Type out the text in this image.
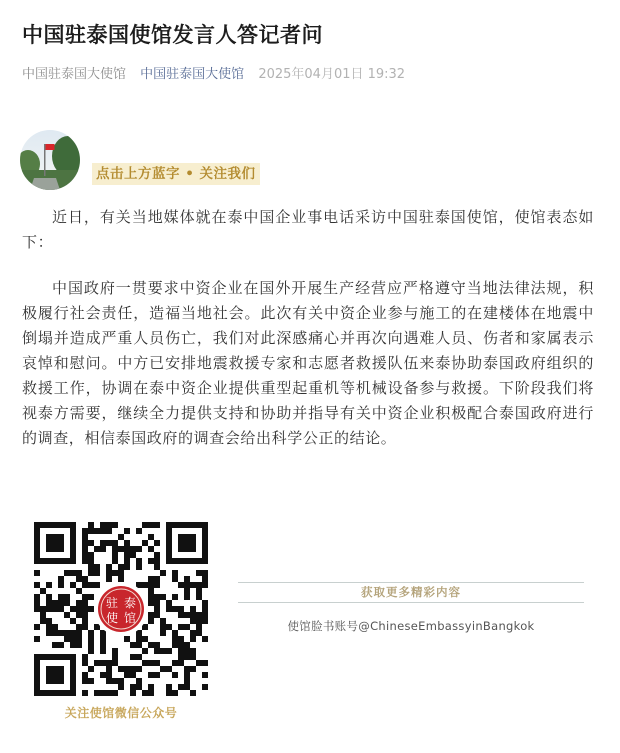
中国驻泰国使馆发言人答记者问
中国驻泰国大使馆 中国驻泰国大使馆 2025年04月01日 19:32
点击上方蓝字 • 关注我们

近日，有关当地媒体就在泰中国企业事电话采访中国驻泰国使馆，使馆表态如下：

中国政府一贯要求中资企业在国外开展生产经营应严格遵守当地法律法规，积极履行社会责任，造福当地社会。此次有关中资企业参与施工的在建楼体在地震中倒塌并造成严重人员伤亡，我们对此深感痛心并再次向遇难人员、伤者和家属表示哀悼和慰问。中方已安排地震救援专家和志愿者救援队伍来泰协助泰国政府组织的救援工作，协调在泰中资企业提供重型起重机等机械设备参与救援。下阶段我们将视泰方需要，继续全力提供支持和协助并指导有关中资企业积极配合泰国政府进行的调查，相信泰国政府的调查会给出科学公正的结论。

驻 泰
使 馆
关注使馆微信公众号
获取更多精彩内容
使馆脸书账号@ChineseEmbassyinBangkok
